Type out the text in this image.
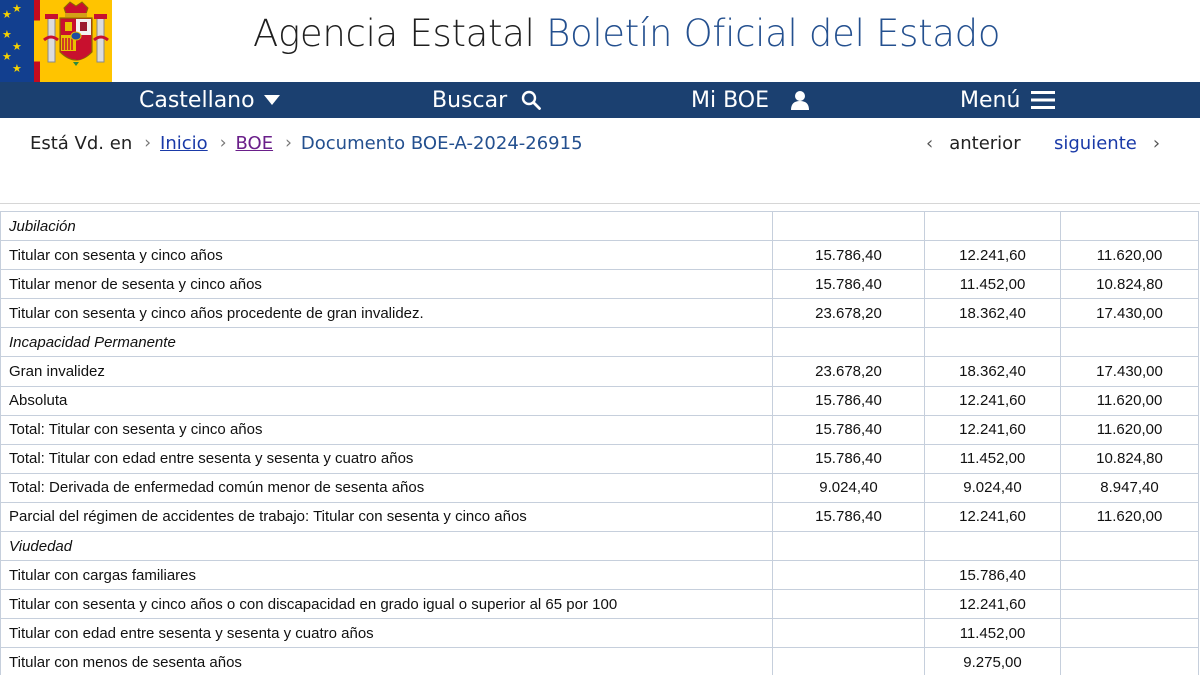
★ ★
★
★
★
★
Agencia Estatal Boletín Oficial del Estado
Castellano	Buscar	Mi BOE	Menú
Está Vd. en › Inicio › BOE › Documento BOE-A-2024-26915	‹ anterior siguiente ›
Jubilación			
Titular con sesenta y cinco años	15.786,40	12.241,60	11.620,00
Titular menor de sesenta y cinco años	15.786,40	11.452,00	10.824,80
Titular con sesenta y cinco años procedente de gran invalidez.	23.678,20	18.362,40	17.430,00
Incapacidad Permanente			
Gran invalidez	23.678,20	18.362,40	17.430,00
Absoluta	15.786,40	12.241,60	11.620,00
Total: Titular con sesenta y cinco años	15.786,40	12.241,60	11.620,00
Total: Titular con edad entre sesenta y sesenta y cuatro años	15.786,40	11.452,00	10.824,80
Total: Derivada de enfermedad común menor de sesenta años	9.024,40	9.024,40	8.947,40
Parcial del régimen de accidentes de trabajo: Titular con sesenta y cinco años	15.786,40	12.241,60	11.620,00
Viudedad			
Titular con cargas familiares		15.786,40	
Titular con sesenta y cinco años o con discapacidad en grado igual o superior al 65 por 100		12.241,60	
Titular con edad entre sesenta y sesenta y cuatro años		11.452,00	
Titular con menos de sesenta años		9.275,00	
